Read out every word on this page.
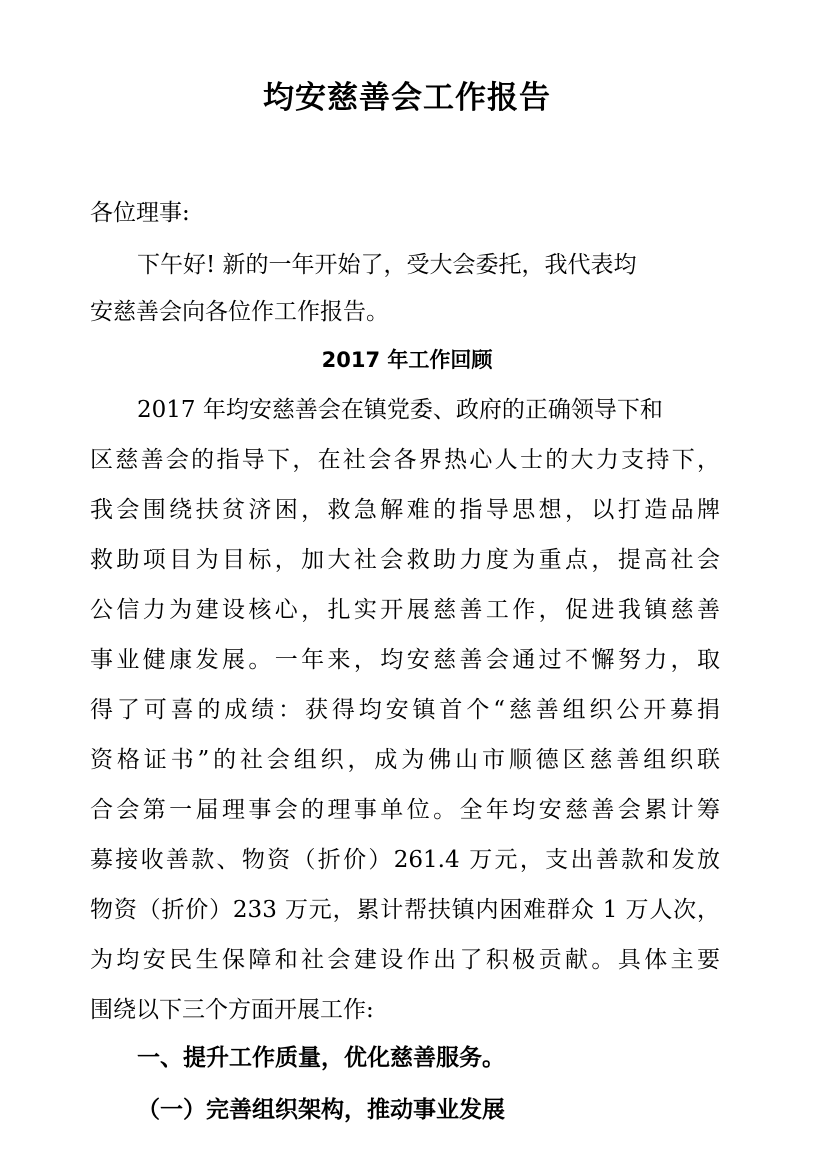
均安慈善会工作报告
各位理事:
下午好! 新的一年开始了，受大会委托，我代表均
安慈善会向各位作工作报告。
2017 年工作回顾
2017 年均安慈善会在镇党委、政府的正确领导下和
区慈善会的指导下，在社会各界热心人士的大力支持下，
我会围绕扶贫济困，救急解难的指导思想，以打造品牌
救助项目为目标，加大社会救助力度为重点，提高社会
公信力为建设核心，扎实开展慈善工作，促进我镇慈善
事业健康发展。一年来，均安慈善会通过不懈努力，取
得了可喜的成绩：获得均安镇首个“慈善组织公开募捐
资格证书”的社会组织，成为佛山市顺德区慈善组织联
合会第一届理事会的理事单位。全年均安慈善会累计筹
募接收善款、物资（折价）261.4 万元，支出善款和发放
物资（折价）233 万元，累计帮扶镇内困难群众 1 万人次，
为均安民生保障和社会建设作出了积极贡献。具体主要
围绕以下三个方面开展工作:
一、提升工作质量，优化慈善服务。
（一）完善组织架构，推动事业发展
